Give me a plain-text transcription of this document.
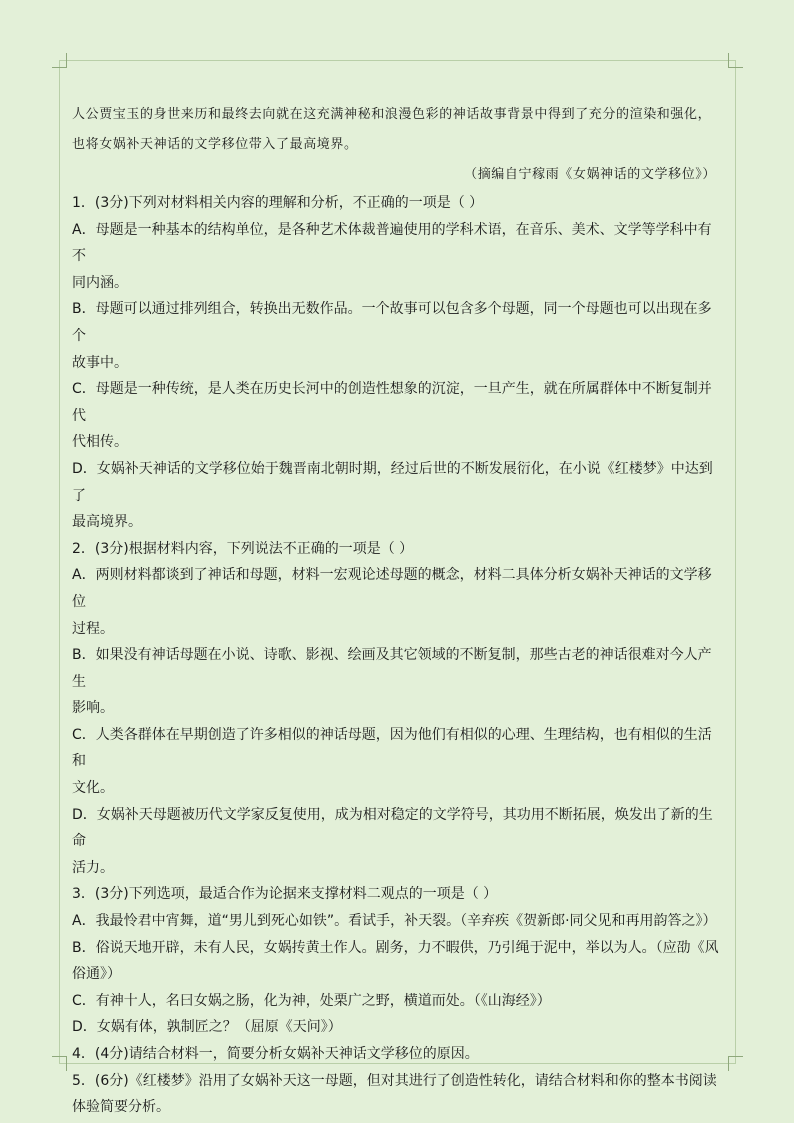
人公贾宝玉的身世来历和最终去向就在这充满神秘和浪漫色彩的神话故事背景中得到了充分的渲染和强化，

也将女娲补天神话的文学移位带入了最高境界。

（摘编自宁稼雨《女娲神话的文学移位》）

1．(3分)下列对材料相关内容的理解和分析，不正确的一项是（ ）

A．母题是一种基本的结构单位，是各种艺术体裁普遍使用的学科术语，在音乐、美术、文学等学科中有不

同内涵。

B．母题可以通过排列组合，转换出无数作品。一个故事可以包含多个母题，同一个母题也可以出现在多个

故事中。

C．母题是一种传统，是人类在历史长河中的创造性想象的沉淀，一旦产生，就在所属群体中不断复制并代

代相传。

D．女娲补天神话的文学移位始于魏晋南北朝时期，经过后世的不断发展衍化，在小说《红楼梦》中达到了

最高境界。

2．(3分)根据材料内容，下列说法不正确的一项是（ ）

A．两则材料都谈到了神话和母题，材料一宏观论述母题的概念，材料二具体分析女娲补天神话的文学移位

过程。

B．如果没有神话母题在小说、诗歌、影视、绘画及其它领域的不断复制，那些古老的神话很难对今人产生

影响。

C．人类各群体在早期创造了许多相似的神话母题，因为他们有相似的心理、生理结构，也有相似的生活和

文化。

D．女娲补天母题被历代文学家反复使用，成为相对稳定的文学符号，其功用不断拓展，焕发出了新的生命

活力。

3．(3分)下列选项，最适合作为论据来支撑材料二观点的一项是（ ）

A．我最怜君中宵舞，道“男儿到死心如铁”。看试手，补天裂。（辛弃疾《贺新郎·同父见和再用韵答之》）

B．俗说天地开辟，未有人民，女娲抟黄土作人。剧务，力不暇供，乃引绳于泥中，举以为人。（应劭《风

俗通》）

C．有神十人，名曰女娲之肠，化为神，处栗广之野，横道而处。（《山海经》）

D．女娲有体，孰制匠之？（屈原《天问》）

4．(4分)请结合材料一，简要分析女娲补天神话文学移位的原因。

5．(6分)《红楼梦》沿用了女娲补天这一母题，但对其进行了创造性转化，请结合材料和你的整本书阅读

体验简要分析。
